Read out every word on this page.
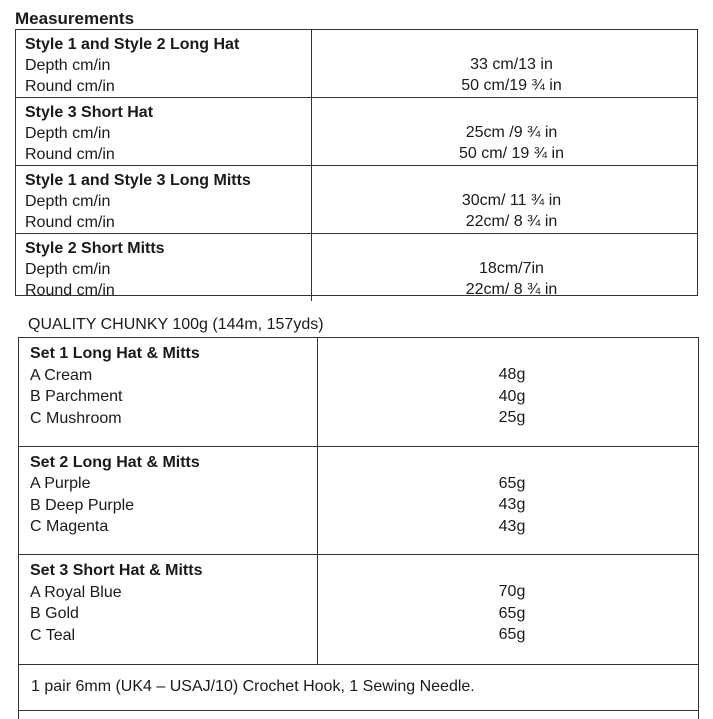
Measurements
Style 1 and Style 2 Long Hat
Depth cm/in
Round cm/in
33 cm/13 in
50 cm/19 ¾ in
Style 3 Short Hat
Depth cm/in
Round cm/in
25cm /9 ¾ in
50 cm/ 19 ¾ in
Style 1 and Style 3 Long Mitts
Depth cm/in
Round cm/in
30cm/ 11 ¾ in
22cm/ 8 ¾ in
Style 2 Short Mitts
Depth cm/in
Round cm/in
18cm/7in
22cm/ 8 ¾ in
QUALITY CHUNKY 100g (144m, 157yds)
Set 1 Long Hat & Mitts
A Cream
B Parchment
C Mushroom
48g
40g
25g
Set 2 Long Hat & Mitts
A Purple
B Deep Purple
C Magenta
65g
43g
43g
Set 3 Short Hat & Mitts
A Royal Blue
B Gold
C Teal
70g
65g
65g
1 pair 6mm (UK4 – USAJ/10) Crochet Hook, 1 Sewing Needle.
